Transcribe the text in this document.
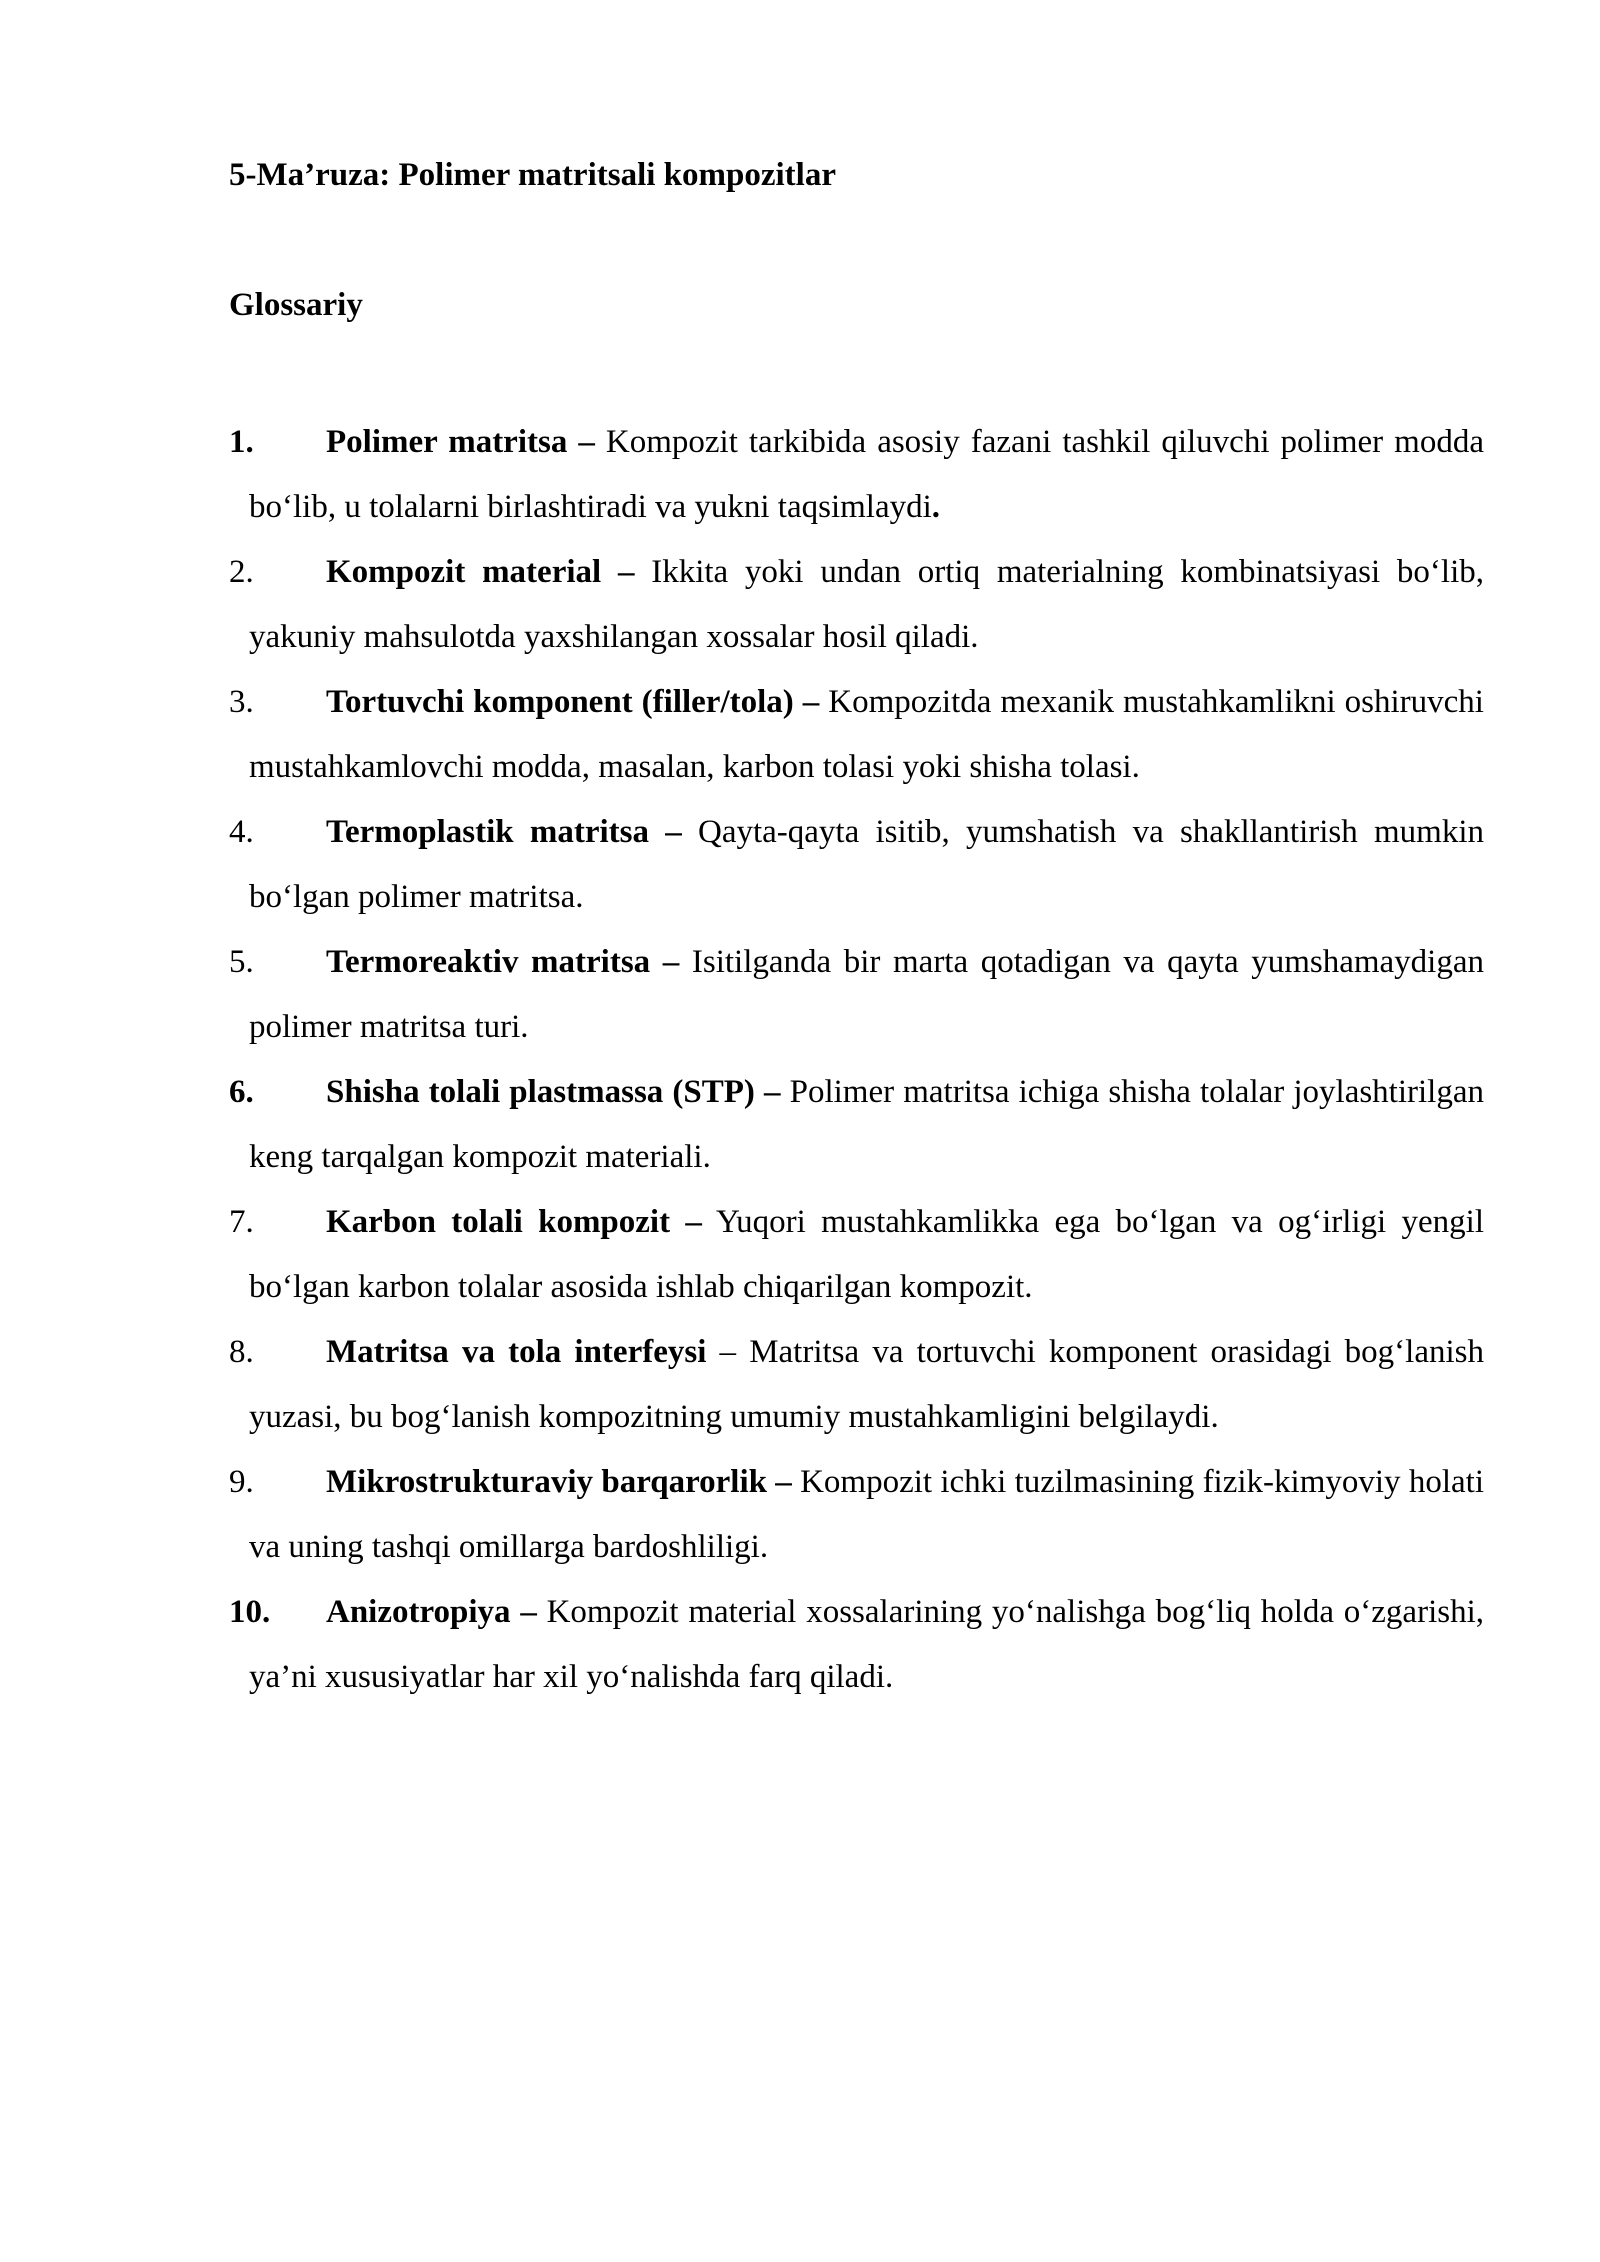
5-Ma’ruza: Polimer matritsali kompozitlar
Glossariy
1.	Polimer matritsa – Kompozit tarkibida asosiy fazani tashkil qiluvchi polimer modda bo‘lib, u tolalarni birlashtiradi va yukni taqsimlaydi.
2.	Kompozit material – Ikkita yoki undan ortiq materialning kombinatsiyasi bo‘lib, yakuniy mahsulotda yaxshilangan xossalar hosil qiladi.
3.	Tortuvchi komponent (filler/tola) – Kompozitda mexanik mustahkamlikni oshiruvchi mustahkamlovchi modda, masalan, karbon tolasi yoki shisha tolasi.
4.	Termoplastik matritsa – Qayta-qayta isitib, yumshatish va shakllantirish mumkin bo‘lgan polimer matritsa.
5.	Termoreaktiv matritsa – Isitilganda bir marta qotadigan va qayta yumshamaydigan polimer matritsa turi.
6.	Shisha tolali plastmassa (STP) – Polimer matritsa ichiga shisha tolalar joylashtirilgan keng tarqalgan kompozit materiali.
7.	Karbon tolali kompozit – Yuqori mustahkamlikka ega bo‘lgan va og‘irligi yengil bo‘lgan karbon tolalar asosida ishlab chiqarilgan kompozit.
8.	Matritsa va tola interfeysi – Matritsa va tortuvchi komponent orasidagi bog‘lanish yuzasi, bu bog‘lanish kompozitning umumiy mustahkamligini belgilaydi.
9.	Mikrostrukturaviy barqarorlik – Kompozit ichki tuzilmasining fizik-kimyoviy holati va uning tashqi omillarga bardoshliligi.
10.	Anizotropiya – Kompozit material xossalarining yo‘nalishga bog‘liq holda o‘zgarishi, ya’ni xususiyatlar har xil yo‘nalishda farq qiladi.
